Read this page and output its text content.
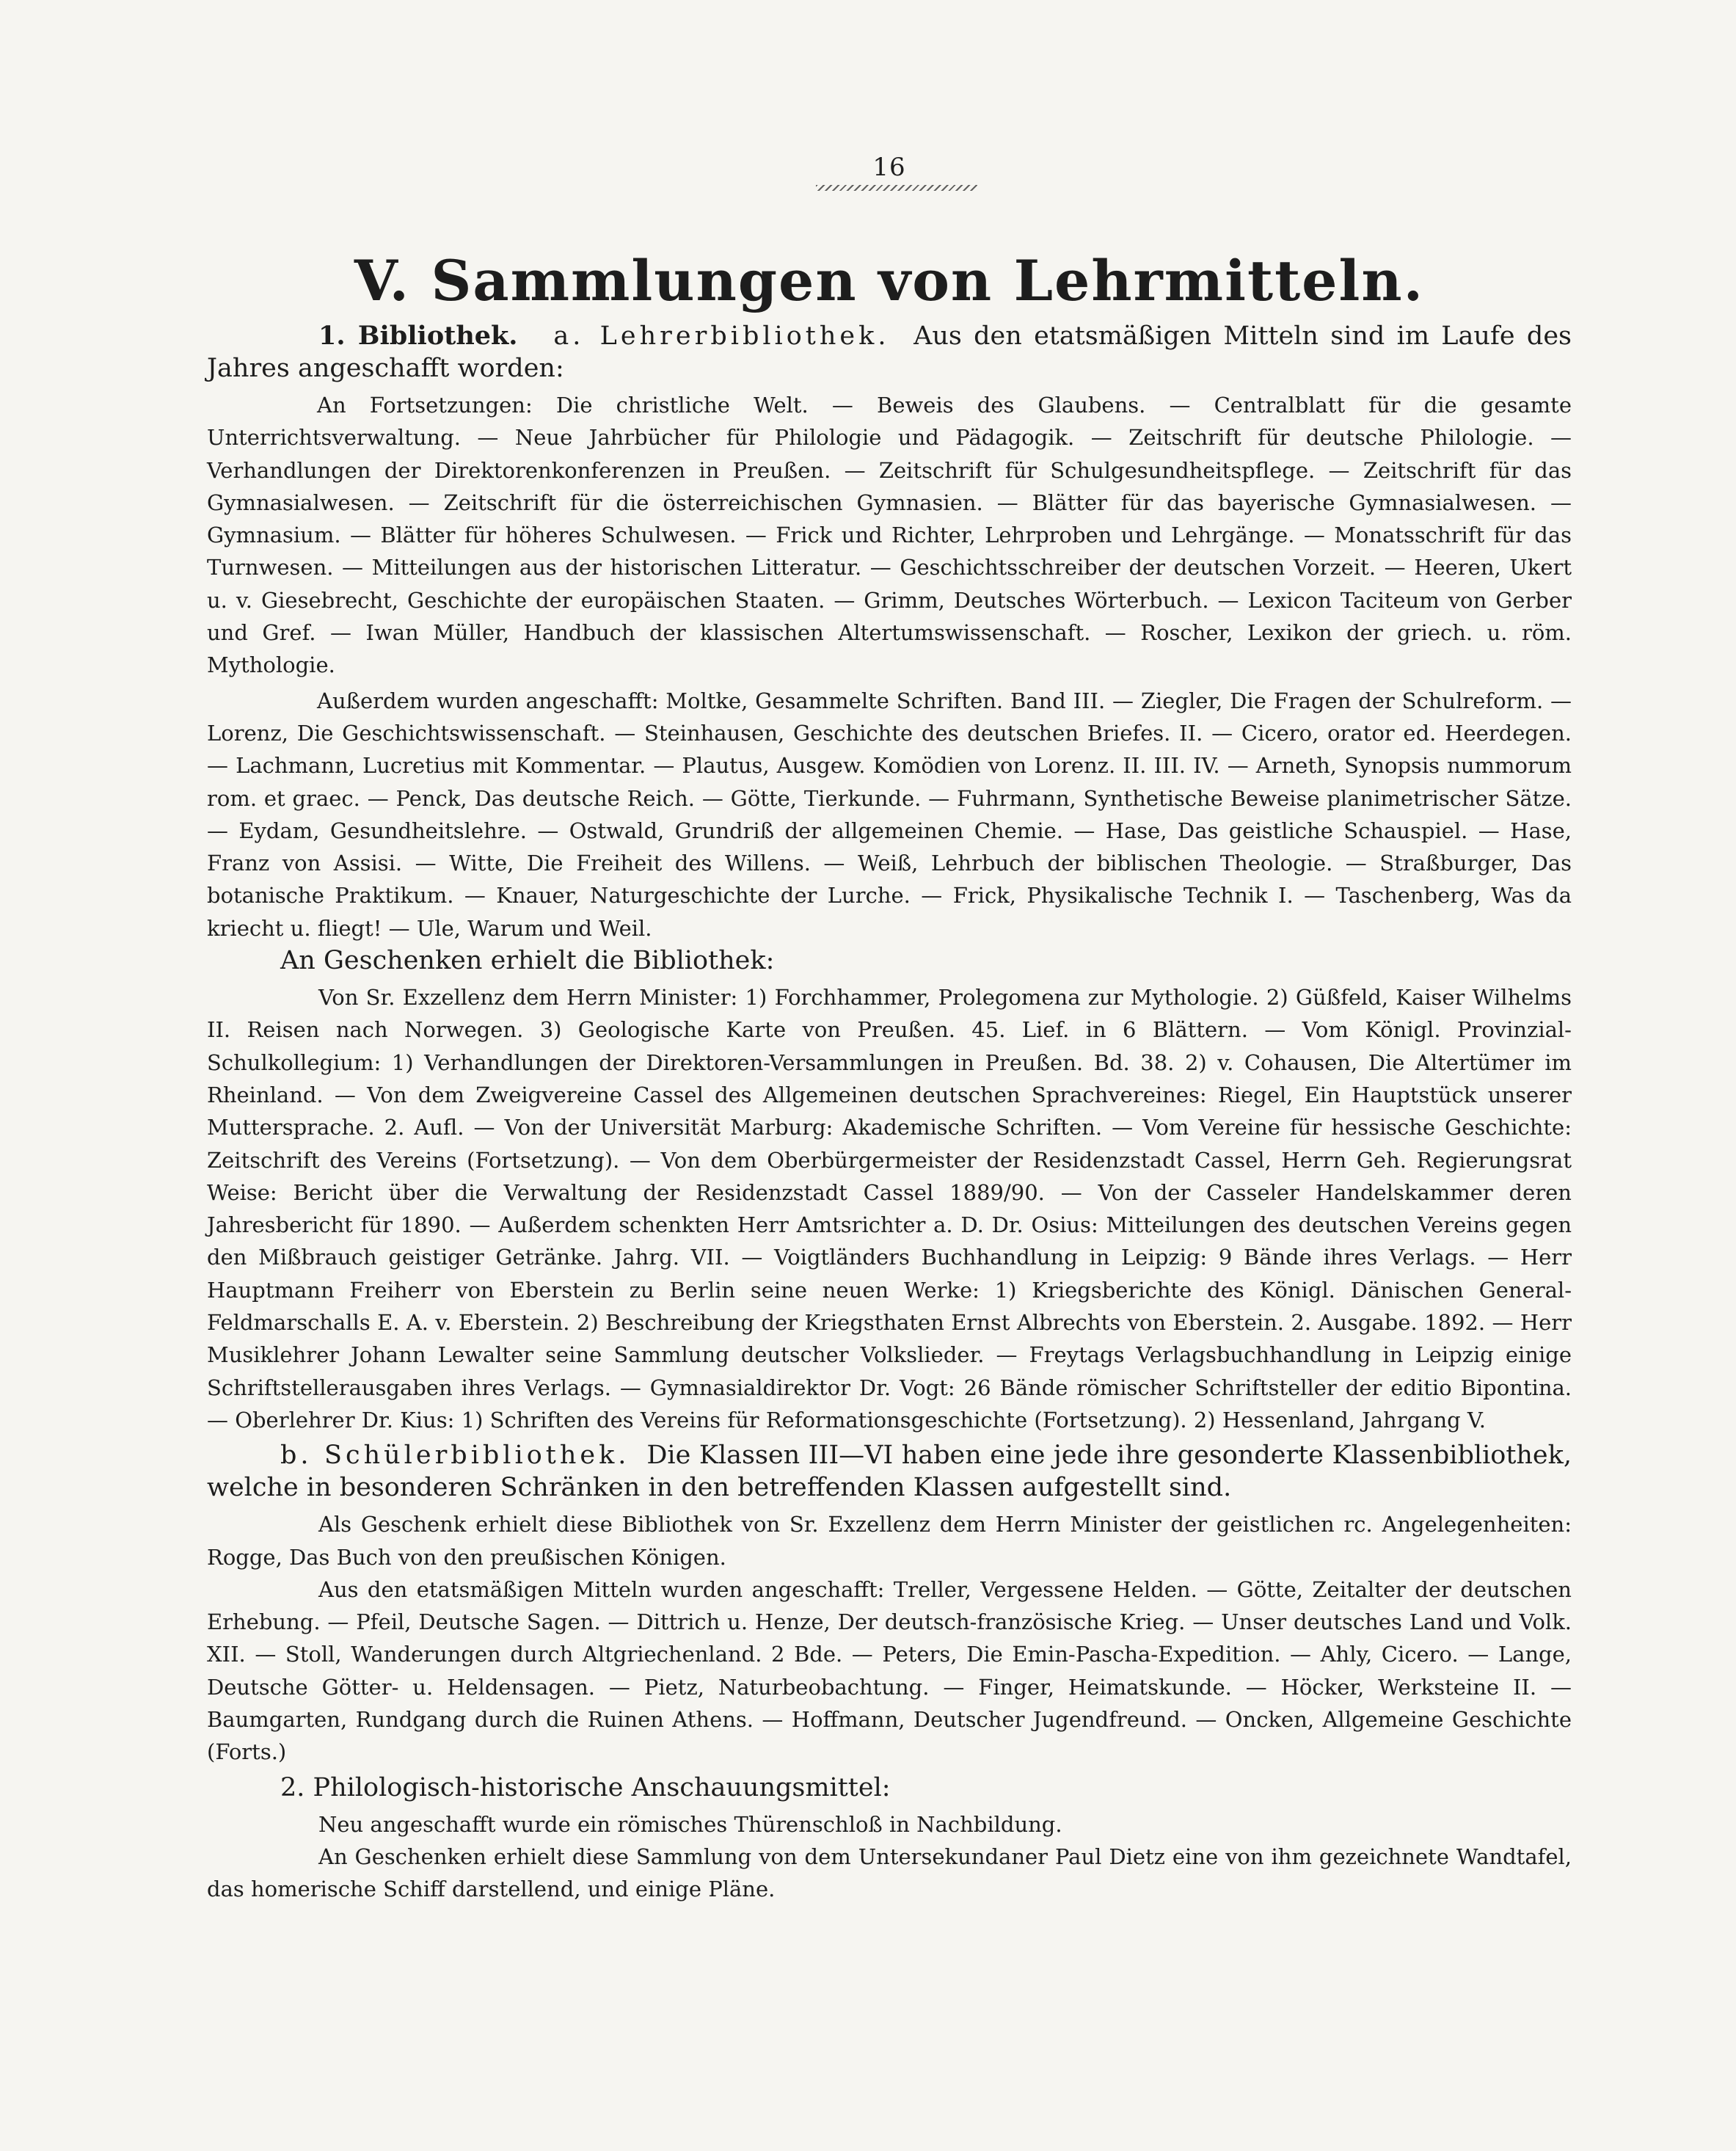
16
V. Sammlungen von Lehrmitteln.

1. Bibliothek. a. Lehrerbibliothek. Aus den etatsmäßigen Mitteln sind im Laufe des Jahres angeschafft worden:

An Fortsetzungen: Die christliche Welt. — Beweis des Glaubens. — Centralblatt für die gesamte Unterrichtsverwaltung. — Neue Jahrbücher für Philologie und Pädagogik. — Zeitschrift für deutsche Philologie. — Verhandlungen der Direktorenkonferenzen in Preußen. — Zeitschrift für Schulgesundheitspflege. — Zeitschrift für das Gymnasialwesen. — Zeitschrift für die österreichischen Gymnasien. — Blätter für das bayerische Gymnasialwesen. — Gymnasium. — Blätter für höheres Schulwesen. — Frick und Richter, Lehrproben und Lehrgänge. — Monatsschrift für das Turnwesen. — Mitteilungen aus der historischen Litteratur. — Geschichtsschreiber der deutschen Vorzeit. — Heeren, Ukert u. v. Giesebrecht, Geschichte der europäischen Staaten. — Grimm, Deutsches Wörterbuch. — Lexicon Taciteum von Gerber und Gref. — Iwan Müller, Handbuch der klassischen Altertumswissenschaft. — Roscher, Lexikon der griech. u. röm. Mythologie.

Außerdem wurden angeschafft: Moltke, Gesammelte Schriften. Band III. — Ziegler, Die Fragen der Schulreform. — Lorenz, Die Geschichtswissenschaft. — Steinhausen, Geschichte des deutschen Briefes. II. — Cicero, orator ed. Heerdegen. — Lachmann, Lucretius mit Kommentar. — Plautus, Ausgew. Komödien von Lorenz. II. III. IV. — Arneth, Synopsis nummorum rom. et graec. — Penck, Das deutsche Reich. — Götte, Tierkunde. — Fuhrmann, Synthetische Beweise planimetrischer Sätze. — Eydam, Gesundheitslehre. — Ostwald, Grundriß der allgemeinen Chemie. — Hase, Das geistliche Schauspiel. — Hase, Franz von Assisi. — Witte, Die Freiheit des Willens. — Weiß, Lehrbuch der biblischen Theologie. — Straßburger, Das botanische Praktikum. — Knauer, Naturgeschichte der Lurche. — Frick, Physikalische Technik I. — Taschenberg, Was da kriecht u. fliegt! — Ule, Warum und Weil.

An Geschenken erhielt die Bibliothek:

Von Sr. Exzellenz dem Herrn Minister: 1) Forchhammer, Prolegomena zur Mythologie. 2) Güßfeld, Kaiser Wilhelms II. Reisen nach Norwegen. 3) Geologische Karte von Preußen. 45. Lief. in 6 Blättern. — Vom Königl. Provinzial-Schulkollegium: 1) Verhandlungen der Direktoren-Versammlungen in Preußen. Bd. 38. 2) v. Cohausen, Die Altertümer im Rheinland. — Von dem Zweigvereine Cassel des Allgemeinen deutschen Sprachvereines: Riegel, Ein Hauptstück unserer Muttersprache. 2. Aufl. — Von der Universität Marburg: Akademische Schriften. — Vom Vereine für hessische Geschichte: Zeitschrift des Vereins (Fortsetzung). — Von dem Oberbürgermeister der Residenzstadt Cassel, Herrn Geh. Regierungsrat Weise: Bericht über die Verwaltung der Residenzstadt Cassel 1889/90. — Von der Casseler Handelskammer deren Jahresbericht für 1890. — Außerdem schenkten Herr Amtsrichter a. D. Dr. Osius: Mitteilungen des deutschen Vereins gegen den Mißbrauch geistiger Getränke. Jahrg. VII. — Voigtländers Buchhandlung in Leipzig: 9 Bände ihres Verlags. — Herr Hauptmann Freiherr von Eberstein zu Berlin seine neuen Werke: 1) Kriegsberichte des Königl. Dänischen General-Feldmarschalls E. A. v. Eberstein. 2) Beschreibung der Kriegsthaten Ernst Albrechts von Eberstein. 2. Ausgabe. 1892. — Herr Musiklehrer Johann Lewalter seine Sammlung deutscher Volkslieder. — Freytags Verlagsbuchhandlung in Leipzig einige Schriftstellerausgaben ihres Verlags. — Gymnasialdirektor Dr. Vogt: 26 Bände römischer Schriftsteller der editio Bipontina. — Oberlehrer Dr. Kius: 1) Schriften des Vereins für Reformationsgeschichte (Fortsetzung). 2) Hessenland, Jahrgang V.

b. Schülerbibliothek. Die Klassen III—VI haben eine jede ihre gesonderte Klassenbibliothek, welche in besonderen Schränken in den betreffenden Klassen aufgestellt sind.

Als Geschenk erhielt diese Bibliothek von Sr. Exzellenz dem Herrn Minister der geistlichen rc. Angelegenheiten: Rogge, Das Buch von den preußischen Königen.

Aus den etatsmäßigen Mitteln wurden angeschafft: Treller, Vergessene Helden. — Götte, Zeitalter der deutschen Erhebung. — Pfeil, Deutsche Sagen. — Dittrich u. Henze, Der deutsch-französische Krieg. — Unser deutsches Land und Volk. XII. — Stoll, Wanderungen durch Altgriechenland. 2 Bde. — Peters, Die Emin-Pascha-Expedition. — Ahly, Cicero. — Lange, Deutsche Götter- u. Heldensagen. — Pietz, Naturbeobachtung. — Finger, Heimatskunde. — Höcker, Werksteine II. — Baumgarten, Rundgang durch die Ruinen Athens. — Hoffmann, Deutscher Jugendfreund. — Oncken, Allgemeine Geschichte (Forts.)

2. Philologisch-historische Anschauungsmittel:

Neu angeschafft wurde ein römisches Thürenschloß in Nachbildung.

An Geschenken erhielt diese Sammlung von dem Untersekundaner Paul Dietz eine von ihm gezeichnete Wandtafel, das homerische Schiff darstellend, und einige Pläne.
